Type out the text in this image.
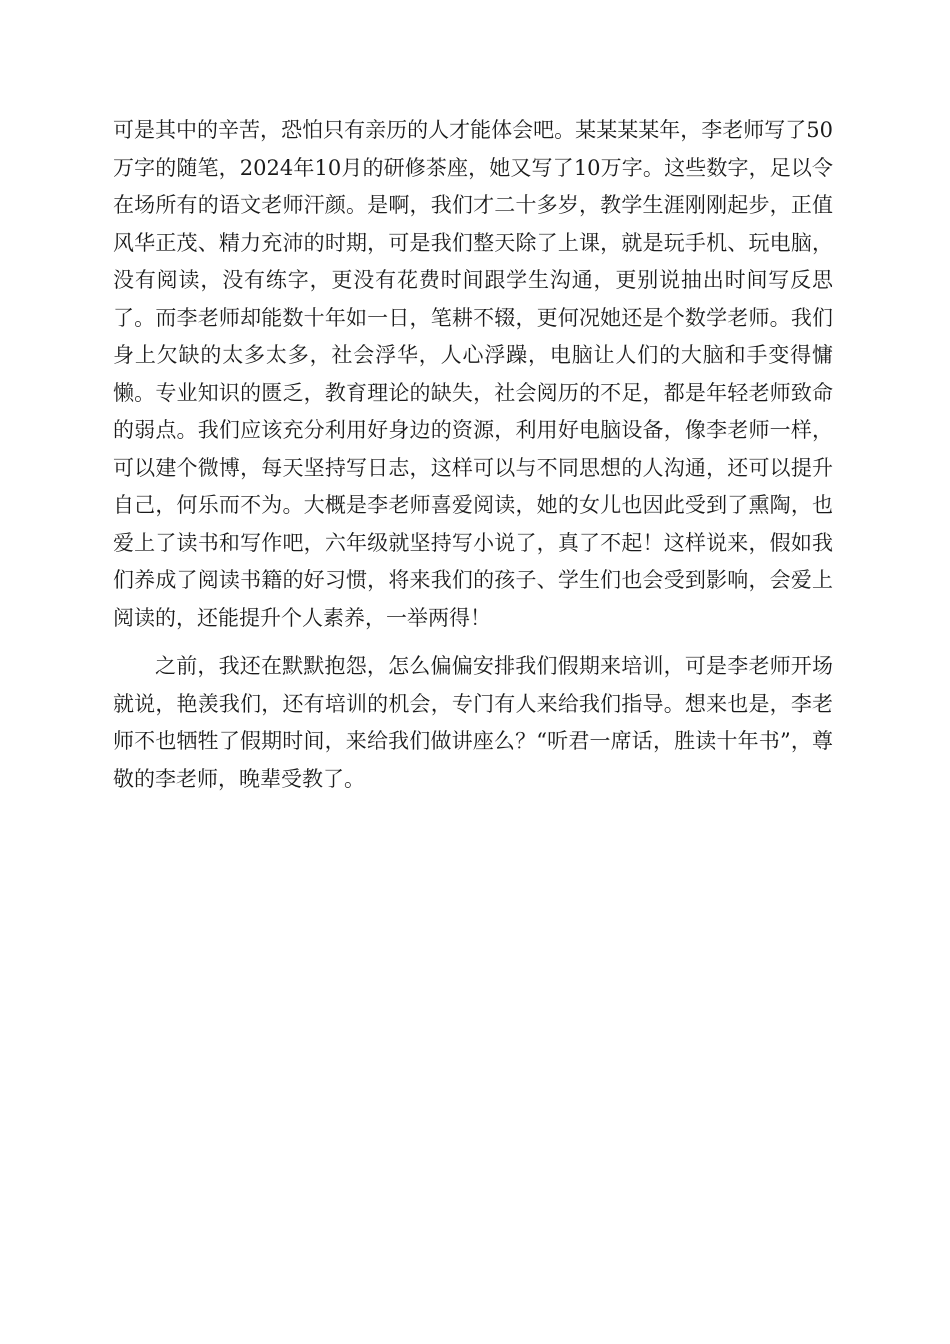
可是其中的辛苦，恐怕只有亲历的人才能体会吧。某某某某年，李老师写了50万字的随笔，2024年10月的研修茶座，她又写了10万字。这些数字，足以令在场所有的语文老师汗颜。是啊，我们才二十多岁，教学生涯刚刚起步，正值风华正茂、精力充沛的时期，可是我们整天除了上课，就是玩手机、玩电脑，没有阅读，没有练字，更没有花费时间跟学生沟通，更别说抽出时间写反思了。而李老师却能数十年如一日，笔耕不辍，更何况她还是个数学老师。我们身上欠缺的太多太多，社会浮华，人心浮躁，电脑让人们的大脑和手变得慵懒。专业知识的匮乏，教育理论的缺失，社会阅历的不足，都是年轻老师致命的弱点。我们应该充分利用好身边的资源，利用好电脑设备，像李老师一样，可以建个微博，每天坚持写日志，这样可以与不同思想的人沟通，还可以提升自己，何乐而不为。大概是李老师喜爱阅读，她的女儿也因此受到了熏陶，也爱上了读书和写作吧，六年级就坚持写小说了，真了不起！这样说来，假如我们养成了阅读书籍的好习惯，将来我们的孩子、学生们也会受到影响，会爱上阅读的，还能提升个人素养，一举两得！

之前，我还在默默抱怨，怎么偏偏安排我们假期来培训，可是李老师开场就说，艳羡我们，还有培训的机会，专门有人来给我们指导。想来也是，李老师不也牺牲了假期时间，来给我们做讲座么？“听君一席话，胜读十年书”，尊敬的李老师，晚辈受教了。
